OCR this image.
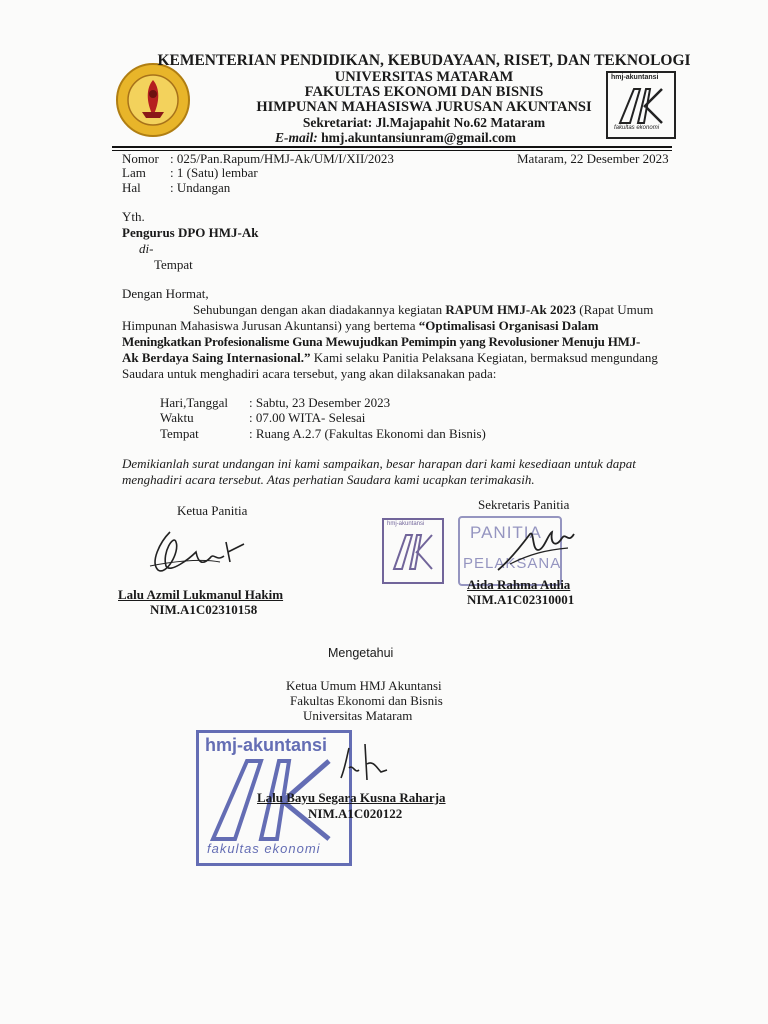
KEMENTERIAN PENDIDIKAN, KEBUDAYAAN, RISET, DAN TEKNOLOGI
UNIVERSITAS MATARAM
FAKULTAS EKONOMI DAN BISNIS
HIMPUNAN MAHASISWA JURUSAN AKUNTANSI
Sekretariat: Jl.Majapahit No.62 Mataram
E-mail: hmj.akuntansiunram@gmail.com
hmj-akuntansi
fakultas ekonomi
Nomor : 025/Pan.Rapum/HMJ-Ak/UM/I/XII/2023	Mataram, 22 Desember 2023
Lam : 1 (Satu) lembar
Hal : Undangan
Yth.
Pengurus DPO HMJ-Ak
di-
Tempat
Dengan Hormat,
Sehubungan dengan akan diadakannya kegiatan RAPUM HMJ-Ak 2023 (Rapat Umum
Himpunan Mahasiswa Jurusan Akuntansi) yang bertema “Optimalisasi Organisasi Dalam
Meningkatkan Profesionalisme Guna Mewujudkan Pemimpin yang Revolusioner Menuju HMJ-
Ak Berdaya Saing Internasional.” Kami selaku Panitia Pelaksana Kegiatan, bermaksud mengundang
Saudara untuk menghadiri acara tersebut, yang akan dilaksanakan pada:
Hari,Tanggal : Sabtu, 23 Desember 2023
Waktu	: 07.00 WITA- Selesai
Tempat	: Ruang A.2.7 (Fakultas Ekonomi dan Bisnis)
Demikianlah surat undangan ini kami sampaikan, besar harapan dari kami kesediaan untuk dapat
menghadiri acara tersebut. Atas perhatian Saudara kami ucapkan terimakasih.
Ketua Panitia
Lalu Azmil Lukmanul Hakim
NIM.A1C02310158
Sekretaris Panitia
hmj-akuntansi	PANITIA
PELAKSANA
Aida Rahma Aulia
NIM.A1C02310001
Mengetahui
Ketua Umum HMJ Akuntansi
Fakultas Ekonomi dan Bisnis
Universitas Mataram
hmj-akuntansi
fakultas ekonomi
Lalu Bayu Segara Kusna Raharja
NIM.A1C020122
